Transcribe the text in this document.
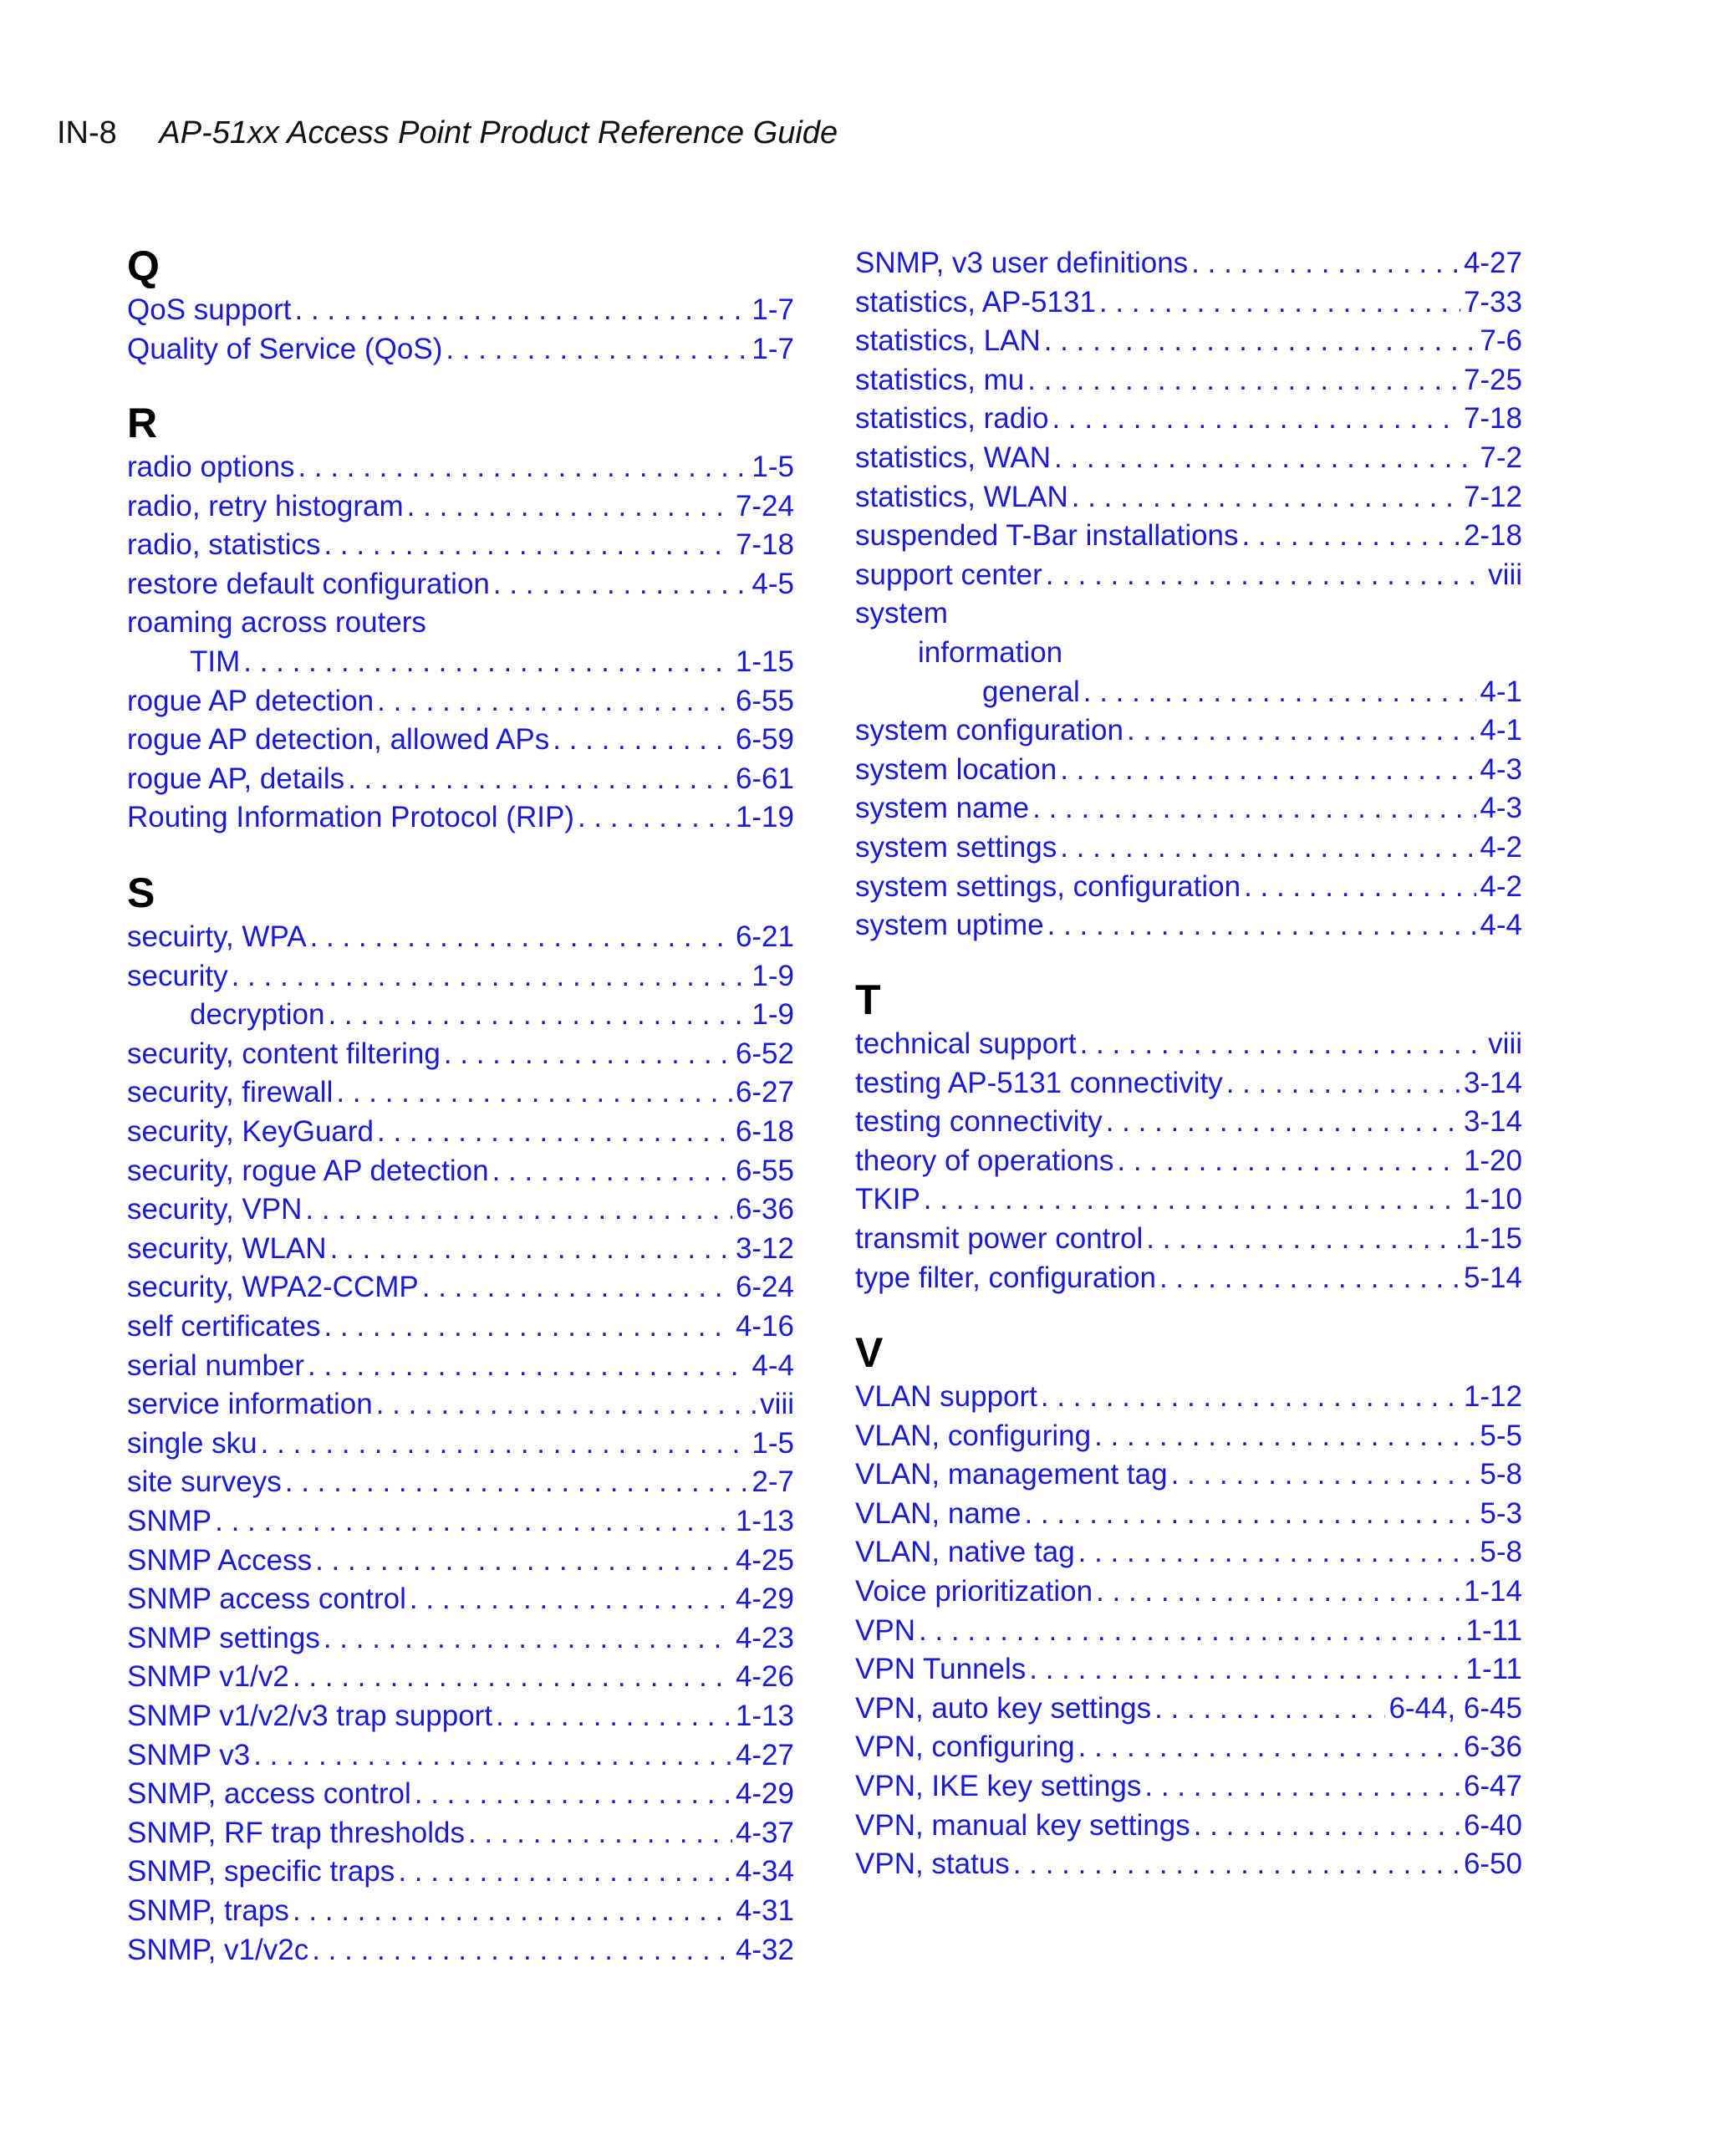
IN-8 AP-51xx Access Point Product Reference Guide
Q
QoS support . . .	1-7
Quality of Service (QoS) . . .	1-7
R
radio options . . .	1-5
radio, retry histogram . . .	7-24
radio, statistics . . .	7-18
restore default configuration . . .	4-5
roaming across routers
TIM . . .	1-15
rogue AP detection . . .	6-55
rogue AP detection, allowed APs . . .	6-59
rogue AP, details . . .	6-61
Routing Information Protocol (RIP) . . .	1-19
S
secuirty, WPA . . .	6-21
security . . .	1-9
decryption . . .	1-9
security, content filtering . . .	6-52
security, firewall . . .	6-27
security, KeyGuard . . .	6-18
security, rogue AP detection . . .	6-55
security, VPN . . .	6-36
security, WLAN . . .	3-12
security, WPA2-CCMP . . .	6-24
self certificates . . .	4-16
serial number . . .	4-4
service information . . .	viii
single sku . . .	1-5
site surveys . . .	2-7
SNMP . . .	1-13
SNMP Access . . .	4-25
SNMP access control . . .	4-29
SNMP settings . . .	4-23
SNMP v1/v2 . . .	4-26
SNMP v1/v2/v3 trap support . . .	1-13
SNMP v3 . . .	4-27
SNMP, access control . . .	4-29
SNMP, RF trap thresholds . . .	4-37
SNMP, specific traps . . .	4-34
SNMP, traps . . .	4-31
SNMP, v1/v2c . . .	4-32
SNMP, v3 user definitions . . .	4-27
statistics, AP-5131 . . .	7-33
statistics, LAN . . .	7-6
statistics, mu . . .	7-25
statistics, radio . . .	7-18
statistics, WAN . . .	7-2
statistics, WLAN . . .	7-12
suspended T-Bar installations . . .	2-18
support center . . .	viii
system
information
general . . .	4-1
system configuration . . .	4-1
system location . . .	4-3
system name . . .	4-3
system settings . . .	4-2
system settings, configuration . . .	4-2
system uptime . . .	4-4
T
technical support . . .	viii
testing AP-5131 connectivity . . .	3-14
testing connectivity . . .	3-14
theory of operations . . .	1-20
TKIP . . .	1-10
transmit power control . . .	1-15
type filter, configuration . . .	5-14
V
VLAN support . . .	1-12
VLAN, configuring . . .	5-5
VLAN, management tag . . .	5-8
VLAN, name . . .	5-3
VLAN, native tag . . .	5-8
Voice prioritization . . .	1-14
VPN . . .	1-11
VPN Tunnels . . .	1-11
VPN, auto key settings . . .	6-44, 6-45
VPN, configuring . . .	6-36
VPN, IKE key settings . . .	6-47
VPN, manual key settings . . .	6-40
VPN, status . . .	6-50
